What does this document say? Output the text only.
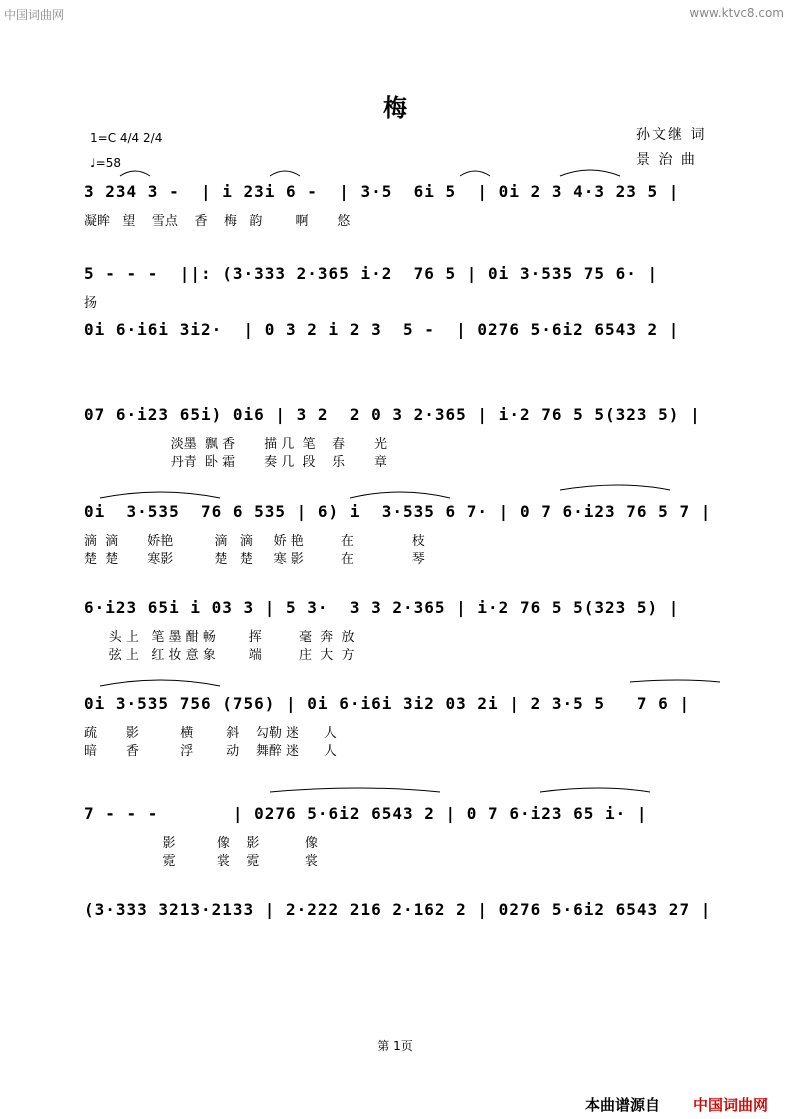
中国词曲网	www.ktvc8.com
梅
1=C 4/4 2/4
♩=58
孙文继 词
景 治 曲
3 234 3 -  | i 23i 6 -  | 3·5  6i 5  | 0i 2 3 4·3 23 5 |
凝眸   望    雪点    香    梅   韵        啊       悠
5 - - -  ||: (3·333 2·365 i·2  76 5 | 0i 3·535 75 6· |
扬
0i 6·i6i 3i2·  | 0 3 2 i 2 3  5 -  | 0276 5·6i2 6543 2 |
07 6·i23 65i) 0i6 | 3 2  2 0 3 2·365 | i·2 76 5 5(323 5) |
淡墨  飘 香       描 几  笔    春       光
丹青  卧 霜       奏 几  段    乐       章
0i  3·535  76 6 535 | 6) i  3·535 6 7· | 0 7 6·i23 76 5 7 |
滴  滴       娇艳          滴   滴     娇 艳         在              枝
楚  楚       寒影          楚   楚     寒 影         在              琴
6·i23 65i i 03 3 | 5 3·  3 3 2·365 | i·2 76 5 5(323 5) |
头 上   笔 墨 酣 畅        挥         毫  奔  放
弦 上   红 妆 意 象        端         庄  大  方
0i 3·535 756 (756) | 0i 6·i6i 3i2 03 2i | 2 3·5 5   7 6 |
疏       影          横        斜    勾勒 迷      人
暗       香          浮        动    舞醉 迷      人
7 - - -       | 0276 5·6i2 6543 2 | 0 7 6·i23 65 i· |
影          像    影           像
霓          裳    霓           裳
(3·333 3213·2133 | 2·222 216 2·162 2 | 0276 5·6i2 6543 27 |
第 1页
本曲谱源自 中国词曲网
